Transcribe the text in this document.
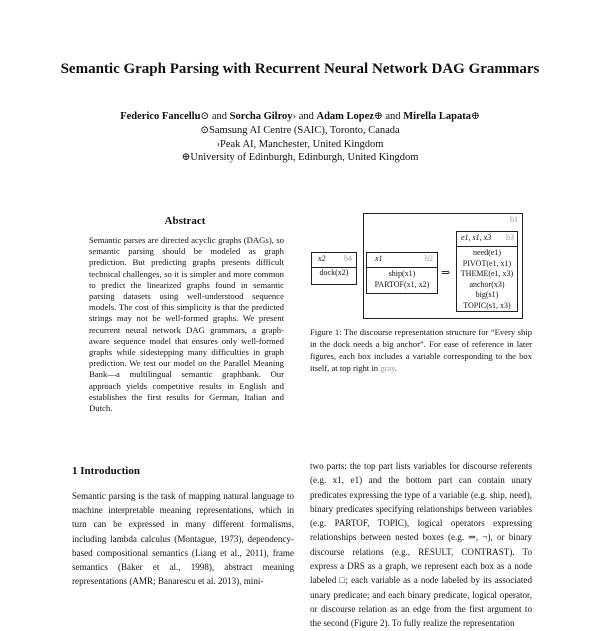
Semantic Graph Parsing with Recurrent Neural Network DAG Grammars
Federico Fancellu⊙ and Sorcha Gilroy› and Adam Lopez⊕ and Mirella Lapata⊕
⊙Samsung AI Centre (SAIC), Toronto, Canada
›Peak AI, Manchester, United Kingdom
⊕University of Edinburgh, Edinburgh, United Kingdom
Abstract
Semantic parses are directed acyclic graphs (DAGs), so semantic parsing should be modeled as graph prediction. But predicting graphs presents difficult technical challenges, so it is simpler and more common to predict the linearized graphs found in semantic parsing datasets using well-understood sequence models. The cost of this simplicity is that the predicted strings may not be well-formed graphs. We present recurrent neural network DAG grammars, a graph-aware sequence model that ensures only well-formed graphs while sidestepping many difficulties in graph prediction. We test our model on the Parallel Meaning Bank—a multilingual semantic graphbank. Our approach yields competitive results in English and establishes the first results for German, Italian and Dutch.
1 Introduction
Semantic parsing is the task of mapping natural language to machine interpretable meaning representations, which in turn can be expressed in many different formalisms, including lambda calculus (Montague, 1973), dependency-based compositional semantics (Liang et al., 2011), frame semantics (Baker et al., 1998), abstract meaning representations (AMR; Banarescu et al. 2013), mini-
b1
x2 b4
dock(x2)
x1	b2
ship(x1)
PARTOF(x1, x2)
⇒
e1, s1, x3 b3
need(e1)
PIVOT(e1, x1)
THEME(e1, x3)
anchor(x3)
big(s1)
TOPIC(s1, x3)
Figure 1: The discourse representation structure for “Every ship in the dock needs a big anchor”. For ease of reference in later figures, each box includes a variable corresponding to the box itself, at top right in gray.
two parts: the top part lists variables for discourse referents (e.g. x1, e1) and the bottom part can contain unary predicates expressing the type of a variable (e.g. ship, need), binary predicates specifying relationships between variables (e.g. PARTOF, TOPIC), logical operators expressing relationships between nested boxes (e.g. ⇒, ¬), or binary discourse relations (e.g., RESULT, CONTRAST). To express a DRS as a graph, we represent each box as a node labeled □; each variable as a node labeled by its associated unary predicate; and each binary predicate, logical operator, or discourse relation as an edge from the first argument to the second (Figure 2). To fully realize the representation
